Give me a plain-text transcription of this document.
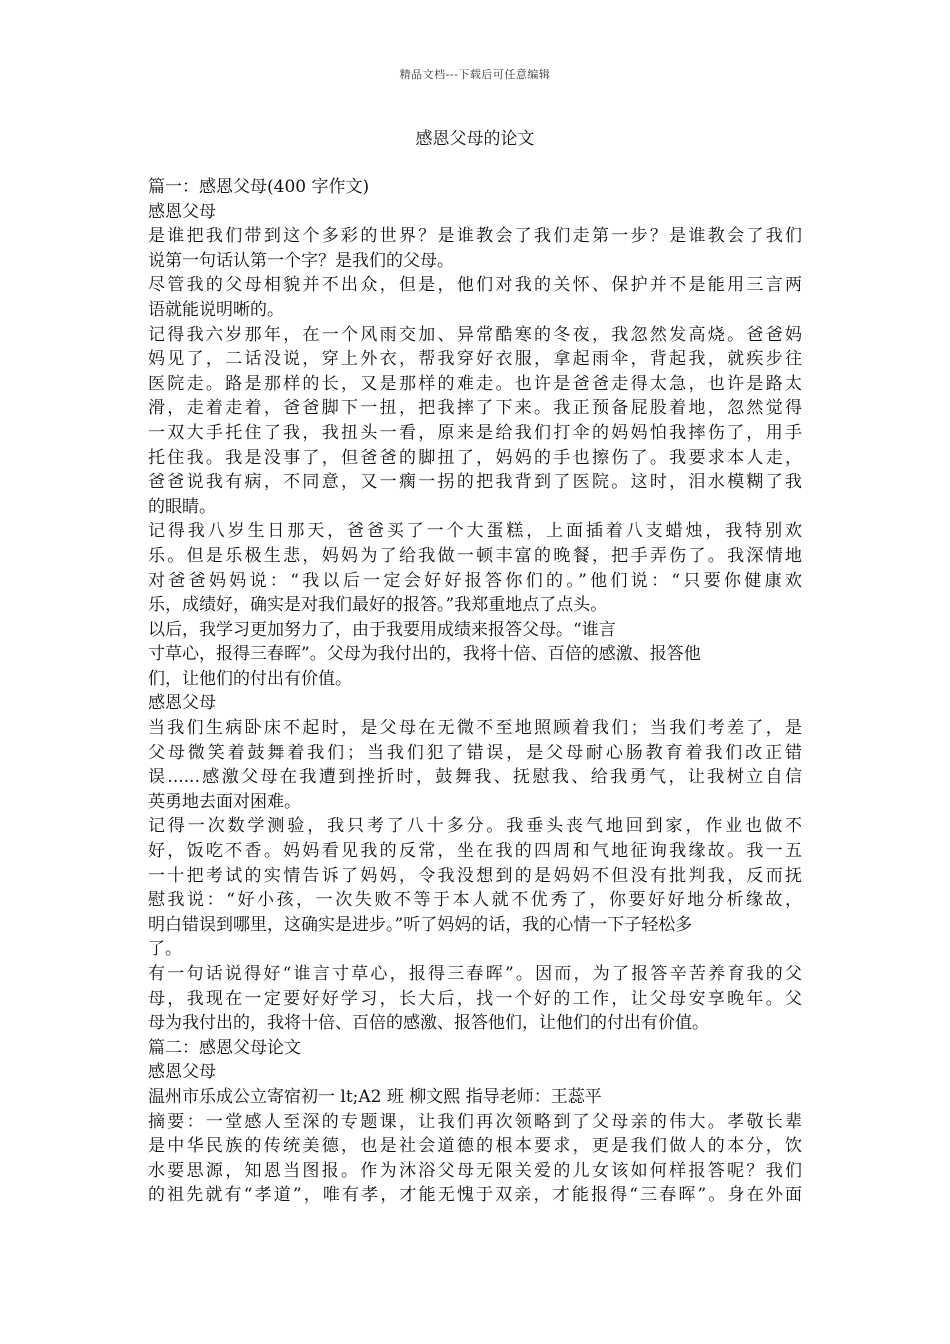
精品文档---下载后可任意编辑
感恩父母的论文
篇一：感恩父母(400 字作文)
感恩父母
是谁把我们带到这个多彩的世界？是谁教会了我们走第一步？是谁教会了我们
说第一句话认第一个字？是我们的父母。
尽管我的父母相貌并不出众，但是，他们对我的关怀、保护并不是能用三言两
语就能说明晰的。
记得我六岁那年，在一个风雨交加、异常酷寒的冬夜，我忽然发高烧。爸爸妈
妈见了，二话没说，穿上外衣，帮我穿好衣服，拿起雨伞，背起我，就疾步往
医院走。路是那样的长，又是那样的难走。也许是爸爸走得太急，也许是路太
滑，走着走着，爸爸脚下一扭，把我摔了下来。我正预备屁股着地，忽然觉得
一双大手托住了我，我扭头一看，原来是给我们打伞的妈妈怕我摔伤了，用手
托住我。我是没事了，但爸爸的脚扭了，妈妈的手也擦伤了。我要求本人走，
爸爸说我有病，不同意，又一瘸一拐的把我背到了医院。这时，泪水模糊了我
的眼睛。
记得我八岁生日那天，爸爸买了一个大蛋糕，上面插着八支蜡烛，我特别欢
乐。但是乐极生悲，妈妈为了给我做一顿丰富的晚餐，把手弄伤了。我深情地
对爸爸妈妈说：“我以后一定会好好报答你们的。”他们说：“只要你健康欢
乐，成绩好，确实是对我们最好的报答。”我郑重地点了点头。
以后，我学习更加努力了，由于我要用成绩来报答父母。“谁言
寸草心，报得三春晖”。父母为我付出的，我将十倍、百倍的感激、报答他
们，让他们的付出有价值。
感恩父母
当我们生病卧床不起时，是父母在无微不至地照顾着我们；当我们考差了，是
父母微笑着鼓舞着我们；当我们犯了错误，是父母耐心肠教育着我们改正错
误......感激父母在我遭到挫折时，鼓舞我、抚慰我、给我勇气，让我树立自信
英勇地去面对困难。
记得一次数学测验，我只考了八十多分。我垂头丧气地回到家，作业也做不
好，饭吃不香。妈妈看见我的反常，坐在我的四周和气地征询我缘故。我一五
一十把考试的实情告诉了妈妈，令我没想到的是妈妈不但没有批判我，反而抚
慰我说：“好小孩，一次失败不等于本人就不优秀了，你要好好地分析缘故，
明白错误到哪里，这确实是进步。”听了妈妈的话，我的心情一下子轻松多
了。
有一句话说得好“谁言寸草心，报得三春晖”。因而，为了报答辛苦养育我的父
母，我现在一定要好好学习，长大后，找一个好的工作，让父母安享晚年。父
母为我付出的，我将十倍、百倍的感激、报答他们，让他们的付出有价值。
篇二：感恩父母论文
感恩父母
温州市乐成公立寄宿初一 lt;A2 班 柳文熙 指导老师：王蕊平
摘要：一堂感人至深的专题课，让我们再次领略到了父母亲的伟大。孝敬长辈
是中华民族的传统美德，也是社会道德的根本要求，更是我们做人的本分，饮
水要思源，知恩当图报。作为沐浴父母无限关爱的儿女该如何样报答呢？我们
的祖先就有“孝道”，唯有孝，才能无愧于双亲，才能报得“三春晖”。身在外面
